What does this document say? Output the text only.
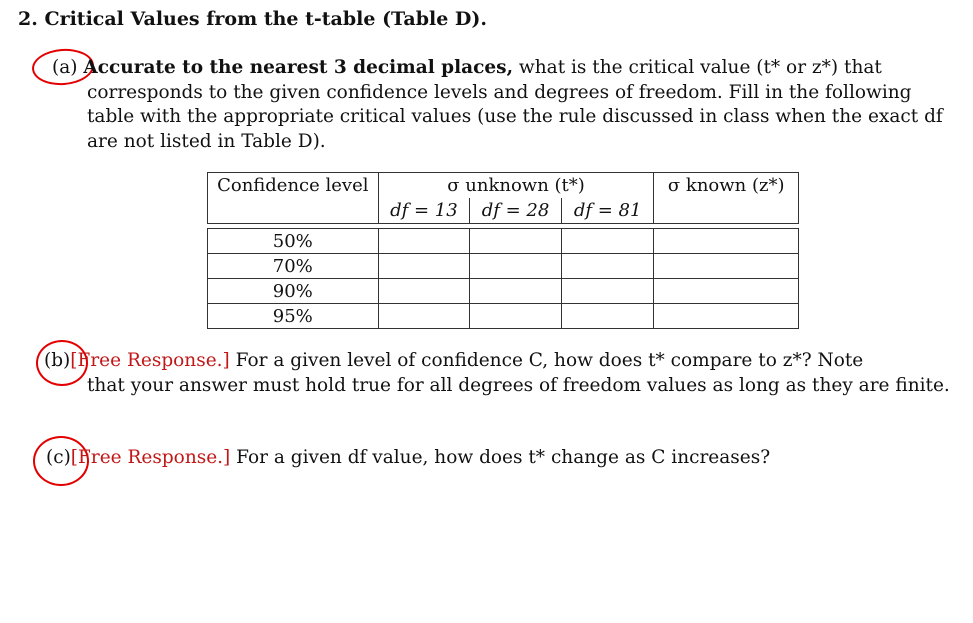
2. Critical Values from the t-table (Table D).
(a) Accurate to the nearest 3 decimal places, what is the critical value (t* or z*) that
corresponds to the given confidence levels and degrees of freedom. Fill in the following
table with the appropriate critical values (use the rule discussed in class when the exact df
are not listed in Table D).
Confidence level	σ unknown (t*)			σ known (z*)
	df = 13	df = 28	df = 81	
50%				
70%				
90%				
95%				
(b)[Free Response.] For a given level of confidence C, how does t* compare to z*? Note
that your answer must hold true for all degrees of freedom values as long as they are finite.
(c)[Free Response.] For a given df value, how does t* change as C increases?
